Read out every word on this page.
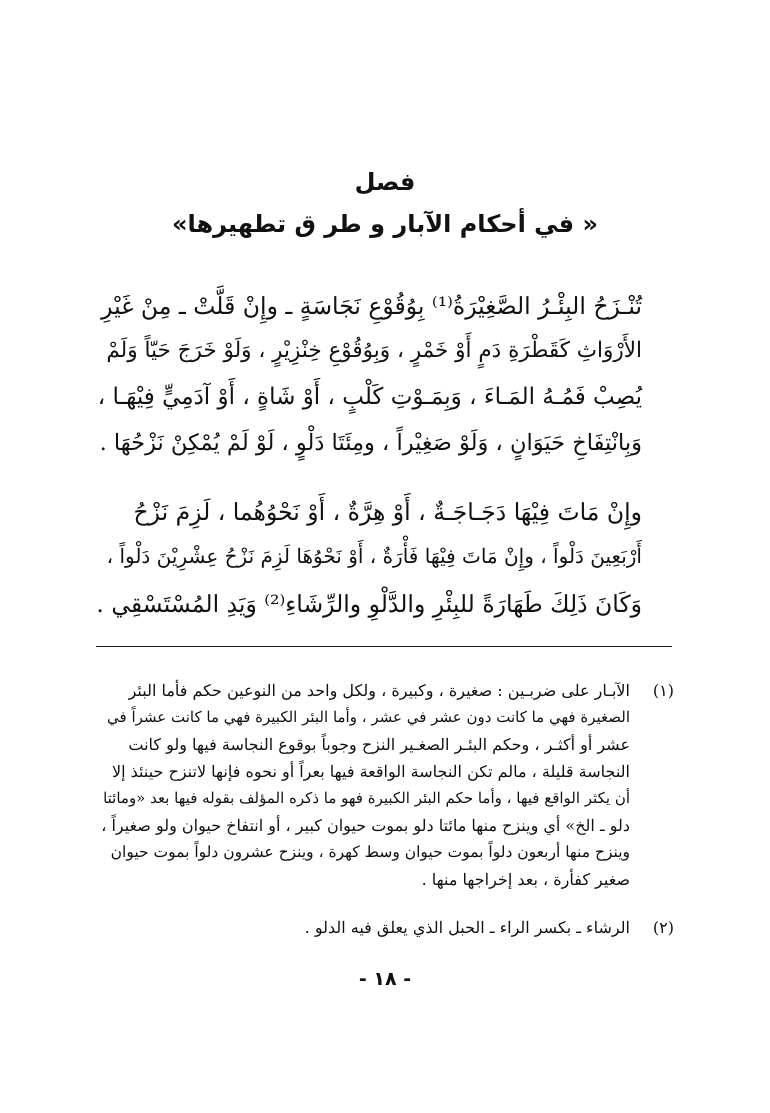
فصل
« في أحكام الآبار و طر ق تطهيرها»
تُنْـزَحُ البِئْـرُ الصَّغِيْرَةُ⁽¹⁾ بِوُقُوْعِ نَجَاسَةٍ ـ وإِنْ قَلَّتْ ـ مِنْ غَيْرِ
الأَرْوَاثِ كَقَطْرَةِ دَمٍ أَوْ خَمْرٍ ، وَبِوُقُوْعِ خِنْزِيْرٍ ، وَلَوْ خَرَجَ حَيّاً وَلَمْ
يُصِبْ فَمُـهُ المَـاءَ ، وَبِمَـوْتِ كَلْبٍ ، أَوْ شَاةٍ ، أَوْ آدَمِيٍّ فِيْهَـا ،
وَبِانْتِفَاخِ حَيَوَانٍ ، وَلَوْ صَغِيْراً ، ومِئَتَا دَلْوٍ ، لَوْ لَمْ يُمْكِنْ نَزْحُهَا .
وإِنْ مَاتَ فِيْهَا دَجَـاجَـةٌ ، أَوْ هِرَّةٌ ، أَوْ نَحْوُهُما ، لَزِمَ نَزْحُ
أَرْبَعِينَ دَلْواً ، وإِنْ مَاتَ فِيْهَا فَأْرَةٌ ، أَوْ نَحْوُهَا لَزِمَ نَزْحُ عِشْرِيْنَ دَلْواً ،
وَكَانَ ذَلِكَ طَهَارَةً للبِئْرِ والدَّلْوِ والرِّشَاءِ⁽²⁾ وَيَدِ المُسْتَسْقِي .
(١)
الآبـار على ضربـين : صغيرة ، وكبيرة ، ولكل واحد من النوعين حكم فأما البئر
الصغيرة فهي ما كانت دون عشر في عشر ، وأما البئر الكبيرة فهي ما كانت عشراً في
عشر أو أكثـر ، وحكم البئـر الصغـير النزح وجوباً بوقوع النجاسة فيها ولو كانت
النجاسة قليلة ، مالم تكن النجاسة الواقعة فيها بعراً أو نحوه فإنها لاتنزح حينئذ إلا
أن يكثر الواقع فيها ، وأما حكم البئر الكبيرة فهو ما ذكره المؤلف بقوله فيها بعد «ومائتا
دلو ـ الخ» أي وينزح منها مائتا دلو بموت حيوان كبير ، أو انتفاخ حيوان ولو صغيراً ،
وينزح منها أربعون دلواً بموت حيوان وسط كهرة ، وينزح عشرون دلواً بموت حيوان
صغير كفأرة ، بعد إخراجها منها .
(٢)
الرشاء ـ بكسر الراء ـ الحبل الذي يعلق فيه الدلو .
- ١٨ -
